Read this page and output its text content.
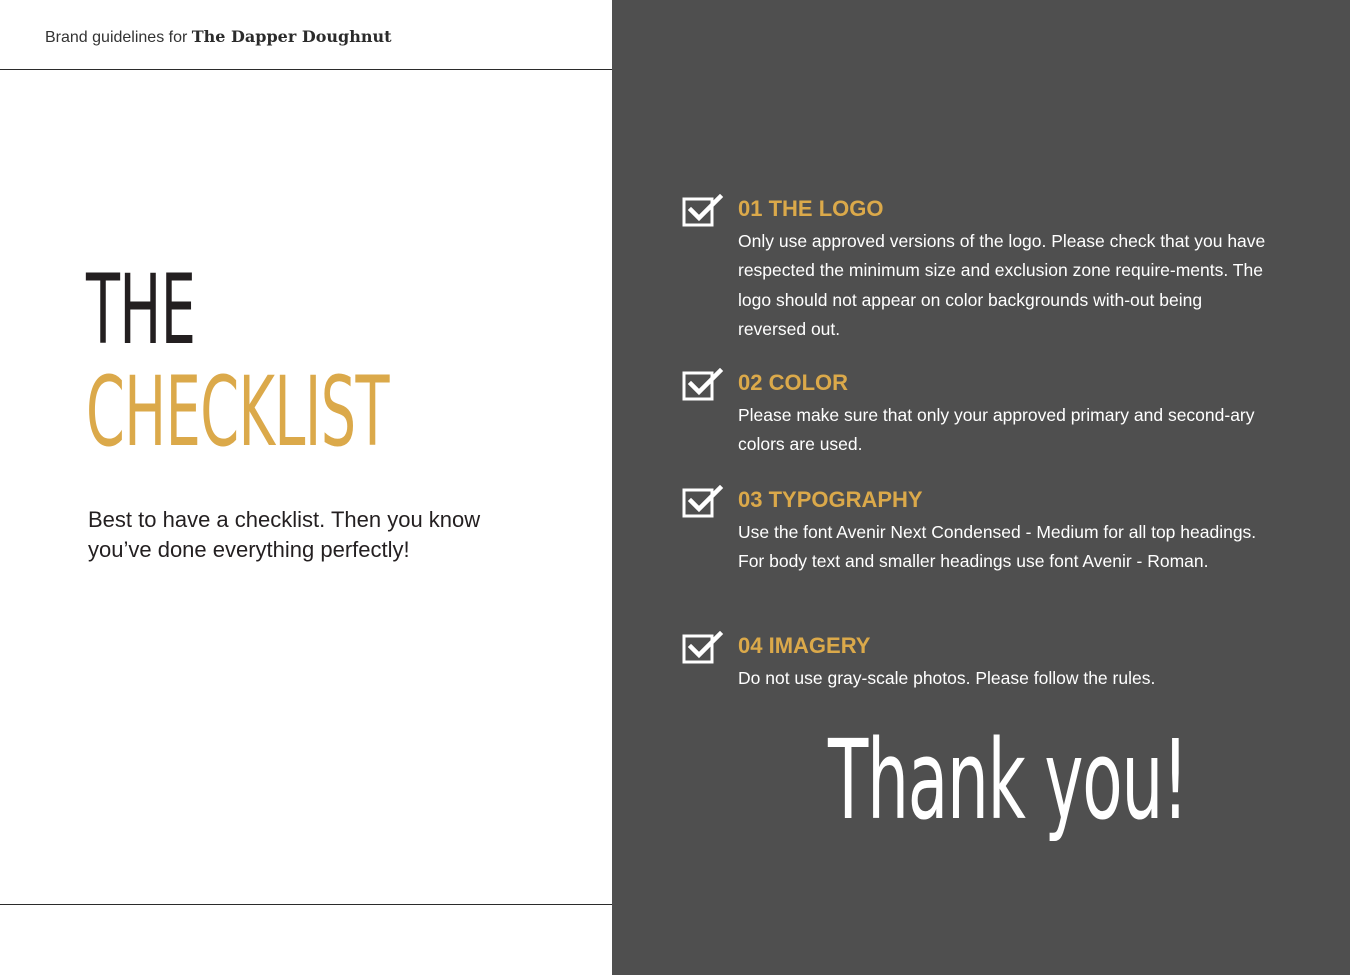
Brand guidelines for The Dapper Doughnut
THE
CHECKLIST
Best to have a checklist. Then you know you’ve done everything perfectly!
01 THE LOGO
Only use approved versions of the logo. Please check that you have respected the minimum size and exclusion zone require-ments. The logo should not appear on color backgrounds with-out being reversed out.
02 COLOR
Please make sure that only your approved primary and second-ary colors are used.
03 TYPOGRAPHY
Use the font Avenir Next Condensed - Medium for all top headings. For body text and smaller headings use font Avenir - Roman.
04 IMAGERY
Do not use gray-scale photos. Please follow the rules.
Thank you!
